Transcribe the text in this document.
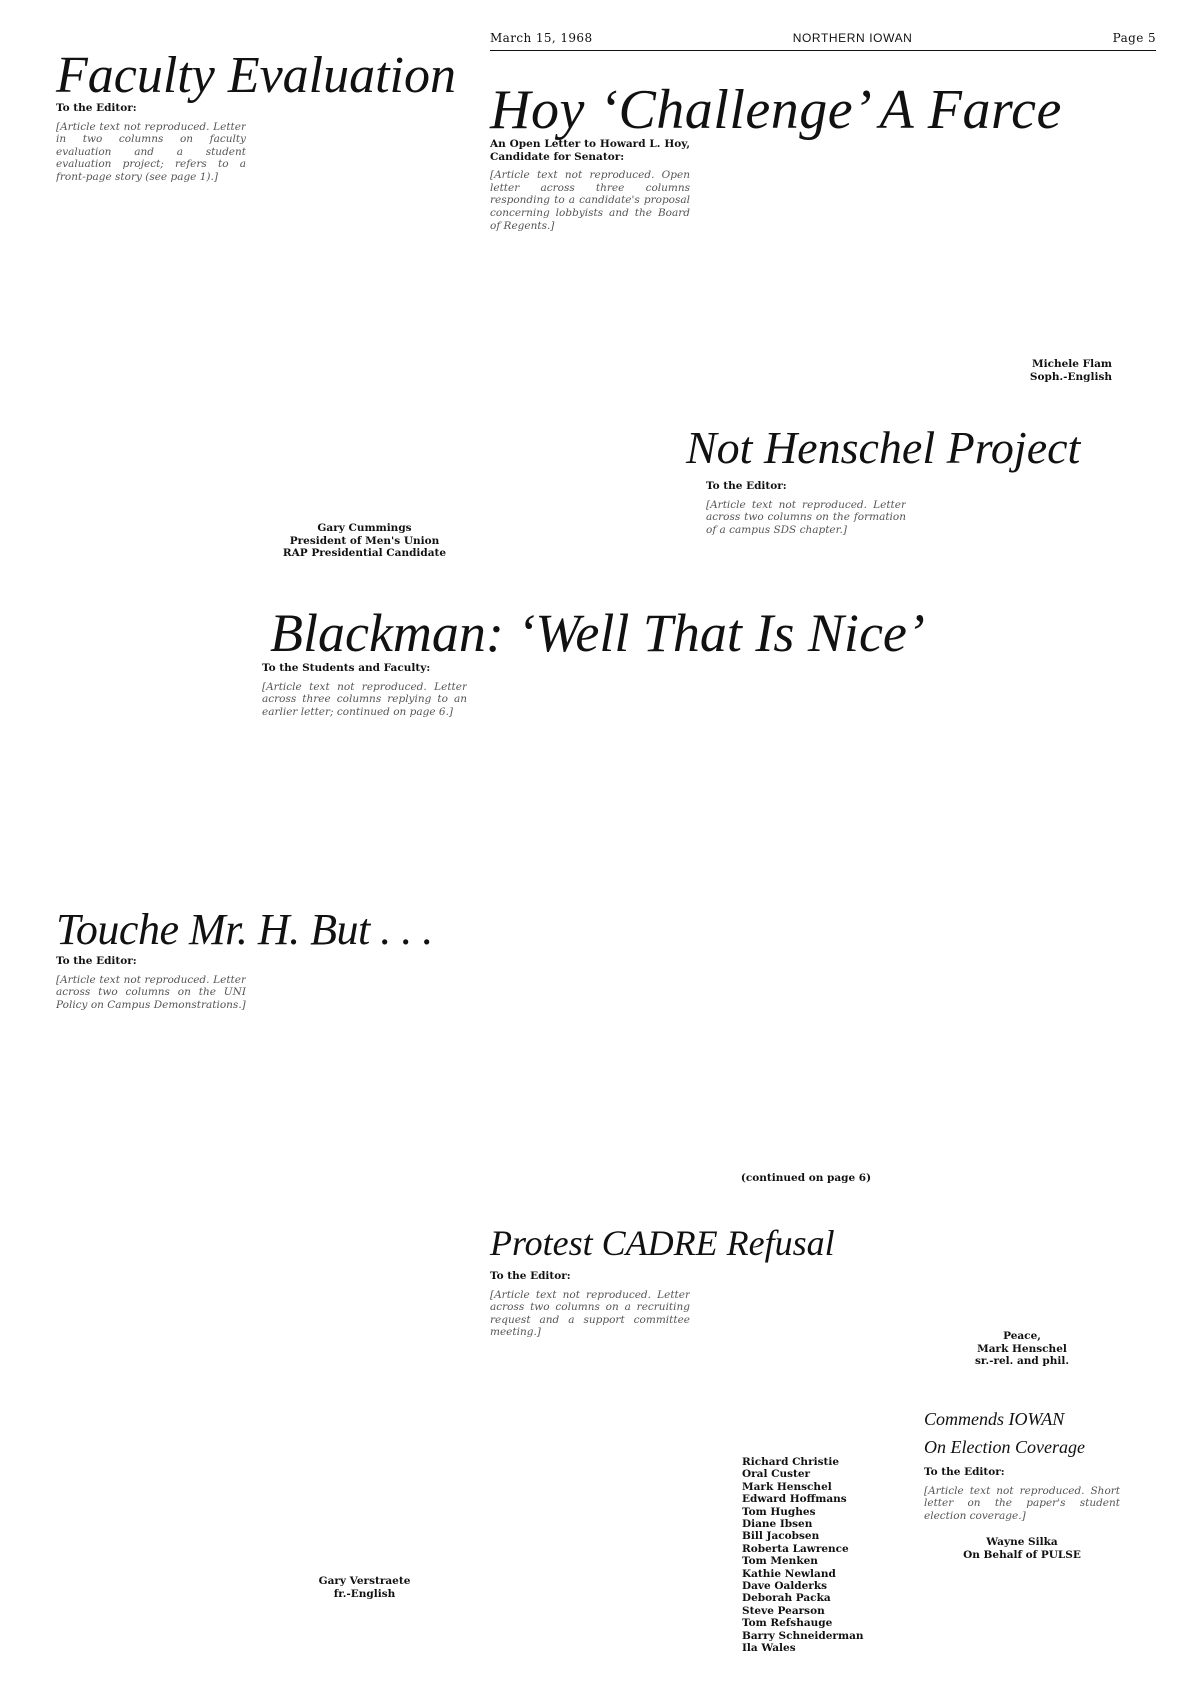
March 15, 1968	NORTHERN IOWAN	Page 5
Faculty Evaluation
To the Editor:
[Article text not reproduced. Letter in two columns on faculty evaluation and a student evaluation project; refers to a front-page story (see page 1).]
Gary Cummings
President of Men's Union
RAP Presidential Candidate
Hoy ‘Challenge’ A Farce
An Open Letter to Howard L. Hoy, Candidate for Senator:
[Article text not reproduced. Open letter across three columns responding to a candidate's proposal concerning lobbyists and the Board of Regents.]
Michele Flam
Soph.-English
Not Henschel Project
To the Editor:
[Article text not reproduced. Letter across two columns on the formation of a campus SDS chapter.]
Peace,
Mark Henschel
sr.-rel. and phil.
Blackman: ‘Well That Is Nice’
To the Students and Faculty:
[Article text not reproduced. Letter across three columns replying to an earlier letter; continued on page 6.]
(continued on page 6)
Touche Mr. H. But . . .
To the Editor:
[Article text not reproduced. Letter across two columns on the UNI Policy on Campus Demonstrations.]
Gary Verstraete
fr.-English
Protest CADRE Refusal
To the Editor:
[Article text not reproduced. Letter across two columns on a recruiting request and a support committee meeting.]
Richard Christie
Oral Custer
Mark Henschel
Edward Hoffmans
Tom Hughes
Diane Ibsen
Bill Jacobsen
Roberta Lawrence
Tom Menken
Kathie Newland
Dave Oalderks
Deborah Packa
Steve Pearson
Tom Refshauge
Barry Schneiderman
Ila Wales
Commends IOWAN
On Election Coverage
To the Editor:
[Article text not reproduced. Short letter on the paper's student election coverage.]
Wayne Silka
On Behalf of PULSE
